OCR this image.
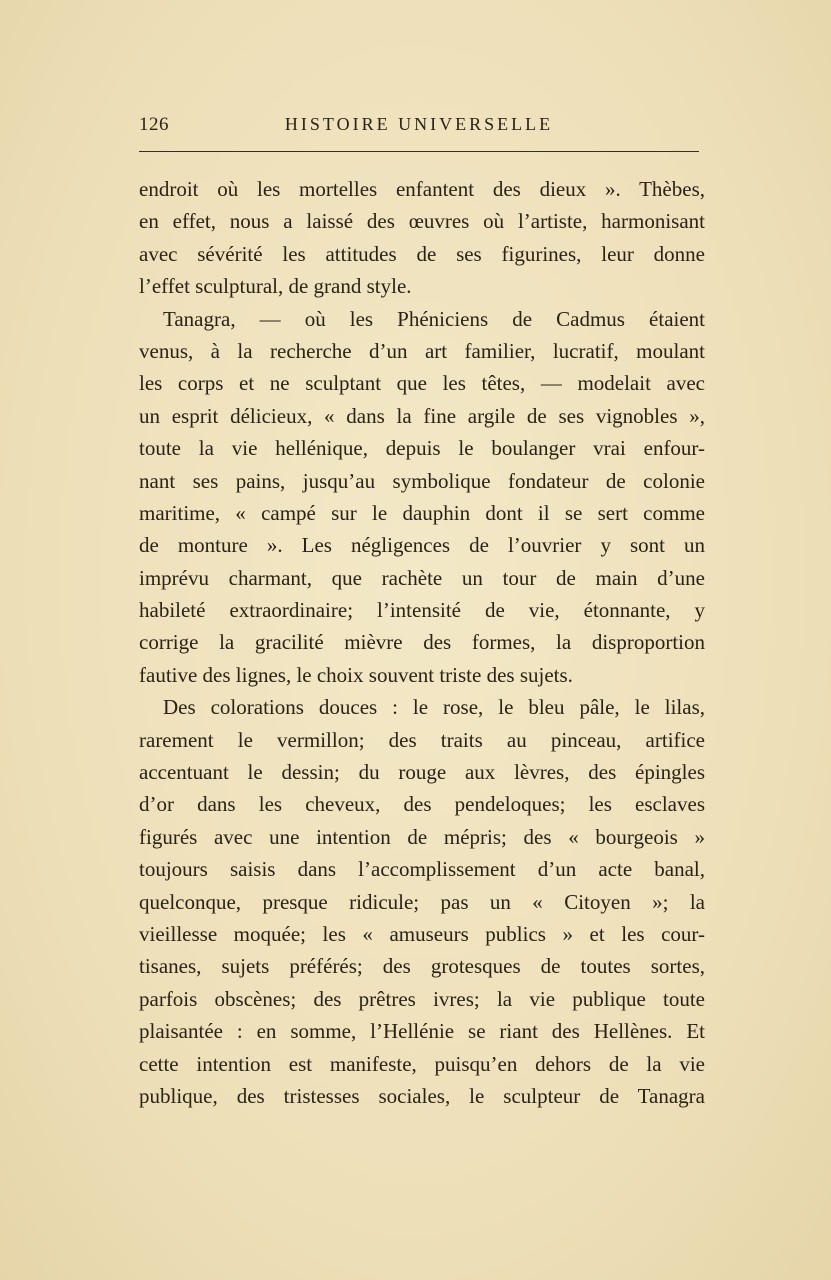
126	HISTOIRE UNIVERSELLE
endroit où les mortelles enfantent des dieux ». Thèbes,
en effet, nous a laissé des œuvres où l’artiste, harmonisant
avec sévérité les attitudes de ses figurines, leur donne
l’effet sculptural, de grand style.
Tanagra, — où les Phéniciens de Cadmus étaient
venus, à la recherche d’un art familier, lucratif, moulant
les corps et ne sculptant que les têtes, — modelait avec
un esprit délicieux, « dans la fine argile de ses vignobles »,
toute la vie hellénique, depuis le boulanger vrai enfour-
nant ses pains, jusqu’au symbolique fondateur de colonie
maritime, « campé sur le dauphin dont il se sert comme
de monture ». Les négligences de l’ouvrier y sont un
imprévu charmant, que rachète un tour de main d’une
habileté extraordinaire; l’intensité de vie, étonnante, y
corrige la gracilité mièvre des formes, la disproportion
fautive des lignes, le choix souvent triste des sujets.
Des colorations douces : le rose, le bleu pâle, le lilas,
rarement le vermillon; des traits au pinceau, artifice
accentuant le dessin; du rouge aux lèvres, des épingles
d’or dans les cheveux, des pendeloques; les esclaves
figurés avec une intention de mépris; des « bourgeois »
toujours saisis dans l’accomplissement d’un acte banal,
quelconque, presque ridicule; pas un « Citoyen »; la
vieillesse moquée; les « amuseurs publics » et les cour-
tisanes, sujets préférés; des grotesques de toutes sortes,
parfois obscènes; des prêtres ivres; la vie publique toute
plaisantée : en somme, l’Hellénie se riant des Hellènes. Et
cette intention est manifeste, puisqu’en dehors de la vie
publique, des tristesses sociales, le sculpteur de Tanagra
